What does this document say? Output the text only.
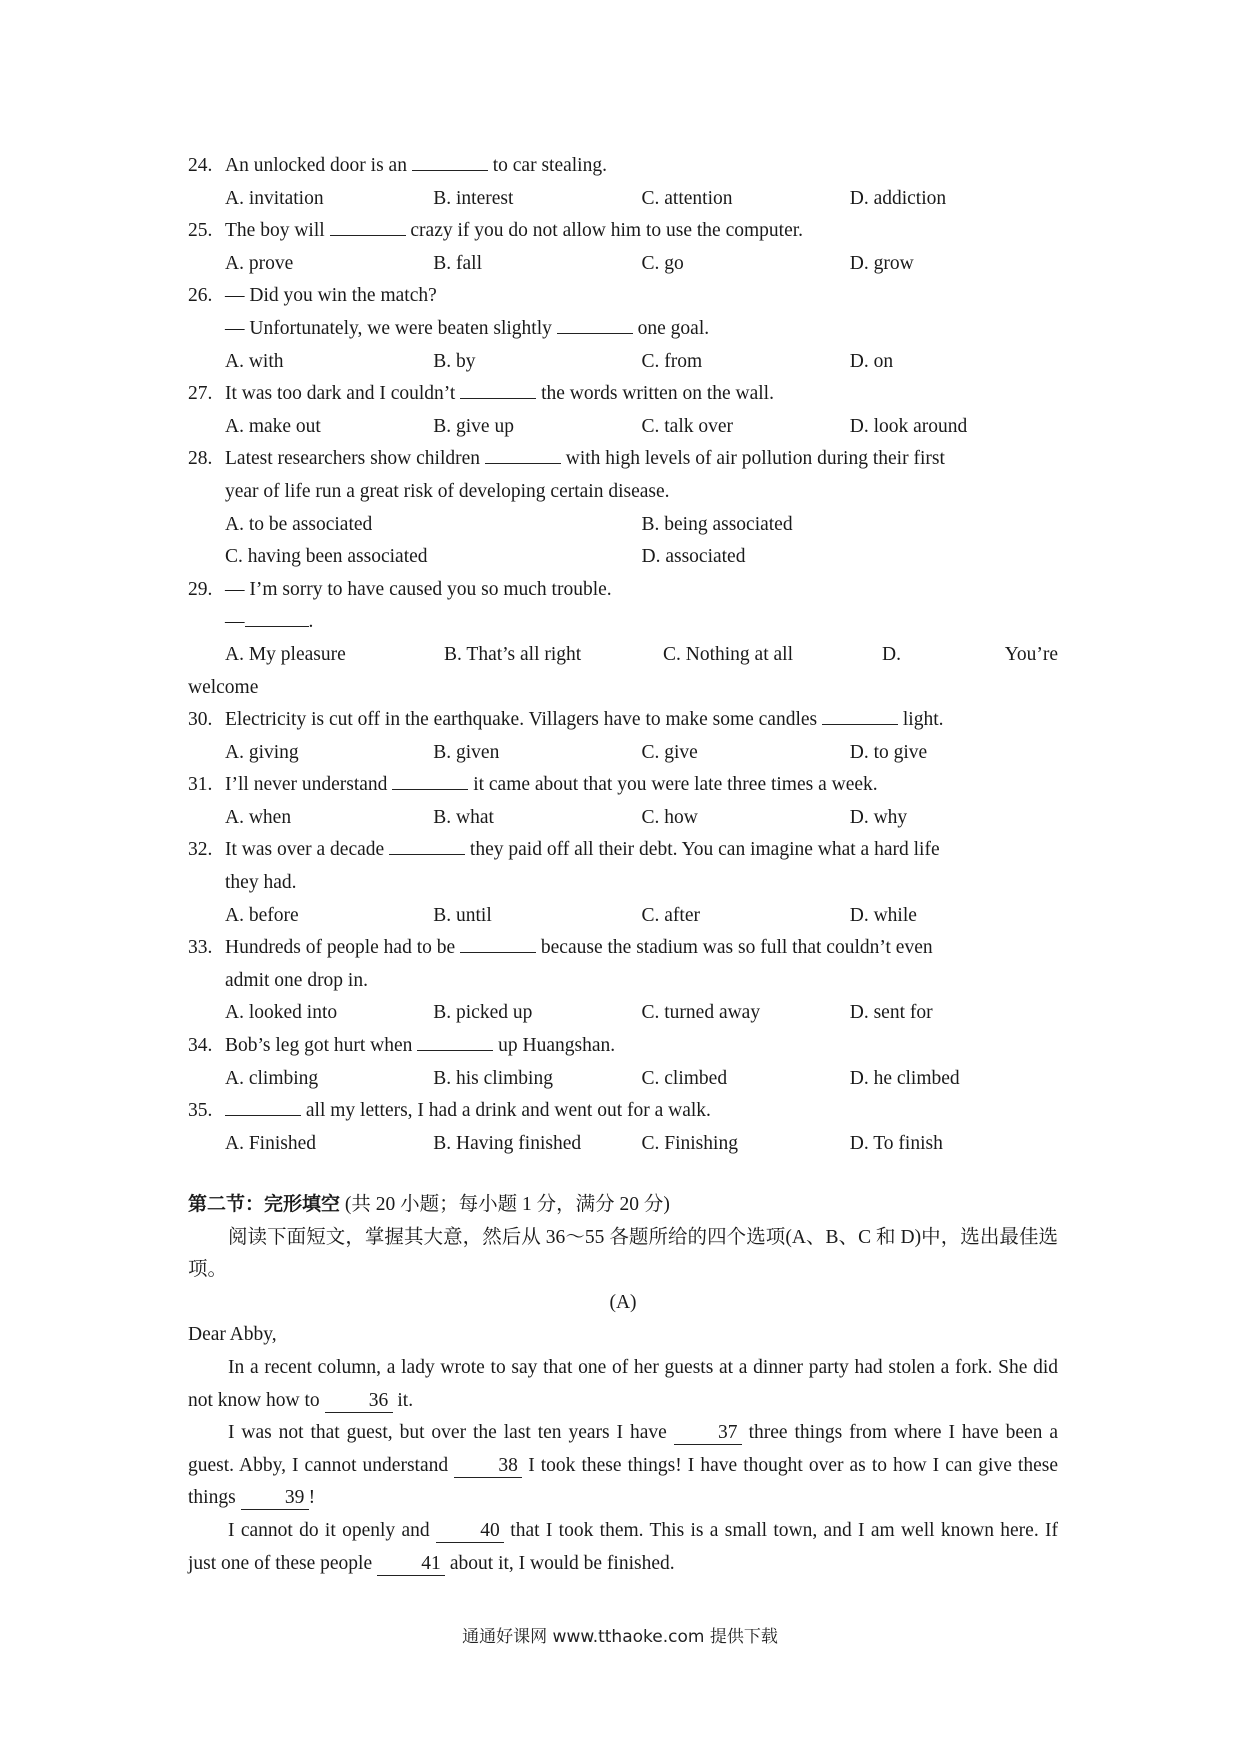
24. An unlocked door is an	to car stealing.
A. invitation	B. interest	C. attention	D. addiction
25. The boy will	crazy if you do not allow him to use the computer.
A. prove	B. fall	C. go	D. grow
26. — Did you win the match?
— Unfortunately, we were beaten slightly	one goal.
A. with	B. by	C. from	D. on
27. It was too dark and I couldn’t	the words written on the wall.
A. make out	B. give up	C. talk over	D. look around
28. Latest researchers show children	with high levels of air pollution during their first
year of life run a great risk of developing certain disease.
A. to be associated	B. being associated
C. having been associated	D. associated
29. — I’m sorry to have caused you so much trouble.
—	.
A. My pleasure	B. That’s all right	C. Nothing at all	D.	You’re
welcome
30. Electricity is cut off in the earthquake. Villagers have to make some candles	light.
A. giving	B. given	C. give	D. to give
31. I’ll never understand	it came about that you were late three times a week.
A. when	B. what	C. how	D. why
32. It was over a decade	they paid off all their debt. You can imagine what a hard life
they had.
A. before	B. until	C. after	D. while
33. Hundreds of people had to be	because the stadium was so full that couldn’t even
admit one drop in.
A. looked into	B. picked up	C. turned away	D. sent for
34. Bob’s leg got hurt when	up Huangshan.
A. climbing	B. his climbing	C. climbed	D. he climbed
35.	all my letters, I had a drink and went out for a walk.
A. Finished	B. Having finished	C. Finishing	D. To finish
第二节：完形填空 (共 20 小题；每小题 1 分，满分 20 分)
阅读下面短文，掌握其大意，然后从 36～55 各题所给的四个选项(A、B、C 和 D)中，选出最佳选项。
(A)
Dear Abby,
In a recent column, a lady wrote to say that one of her guests at a dinner party had stolen a fork. She did not know how to	36 it.
I was not that guest, but over the last ten years I have	37 three things from where I have been a guest. Abby, I cannot understand	38 I took these things! I have thought over as to how I can give these things	39 !
I cannot do it openly and	40 that I took them. This is a small town, and I am well known here. If just one of these people	41 about it, I would be finished.
通通好课网 www.tthaoke.com 提供下载
